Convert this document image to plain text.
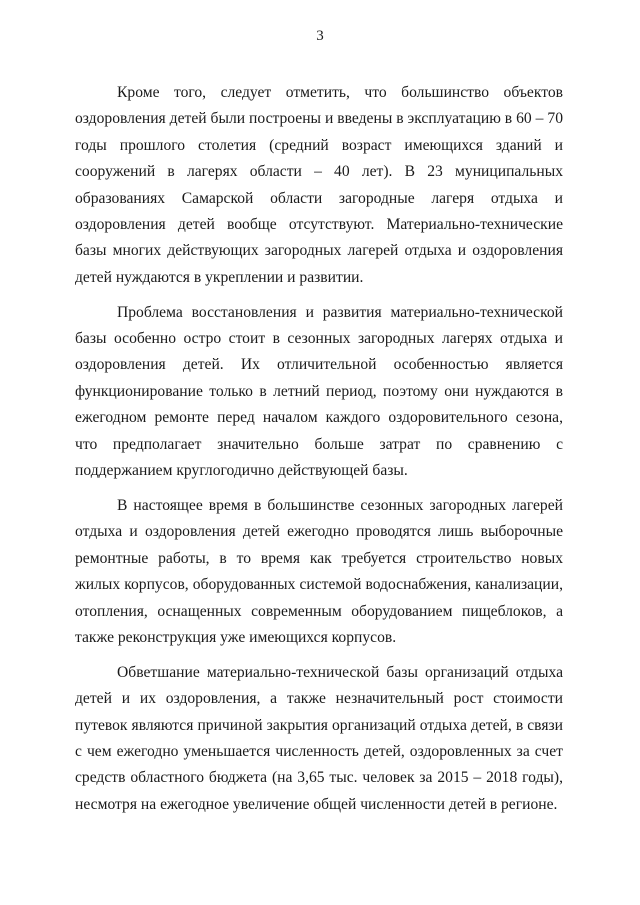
3

Кроме того, следует отметить, что большинство объектов оздоровления детей были построены и введены в эксплуатацию в 60 – 70 годы прошлого столетия (средний возраст имеющихся зданий и сооружений в лагерях области – 40 лет). В 23 муниципальных образованиях Самарской области загородные лагеря отдыха и оздоровления детей вообще отсутствуют. Материально-технические базы многих действующих загородных лагерей отдыха и оздоровления детей нуждаются в укреплении и развитии.

Проблема восстановления и развития материально-технической базы особенно остро стоит в сезонных загородных лагерях отдыха и оздоровления детей. Их отличительной особенностью является функционирование только в летний период, поэтому они нуждаются в ежегодном ремонте перед началом каждого оздоровительного сезона, что предполагает значительно больше затрат по сравнению с поддержанием круглогодично действующей базы.

В настоящее время в большинстве сезонных загородных лагерей отдыха и оздоровления детей ежегодно проводятся лишь выборочные ремонтные работы, в то время как требуется строительство новых жилых корпусов, оборудованных системой водоснабжения, канализации, отопления, оснащенных современным оборудованием пищеблоков, а также реконструкция уже имеющихся корпусов.

Обветшание материально-технической базы организаций отдыха детей и их оздоровления, а также незначительный рост стоимости путевок являются причиной закрытия организаций отдыха детей, в связи с чем ежегодно уменьшается численность детей, оздоровленных за счет средств областного бюджета (на 3,65 тыс. человек за 2015 – 2018 годы), несмотря на ежегодное увеличение общей численности детей в регионе.
